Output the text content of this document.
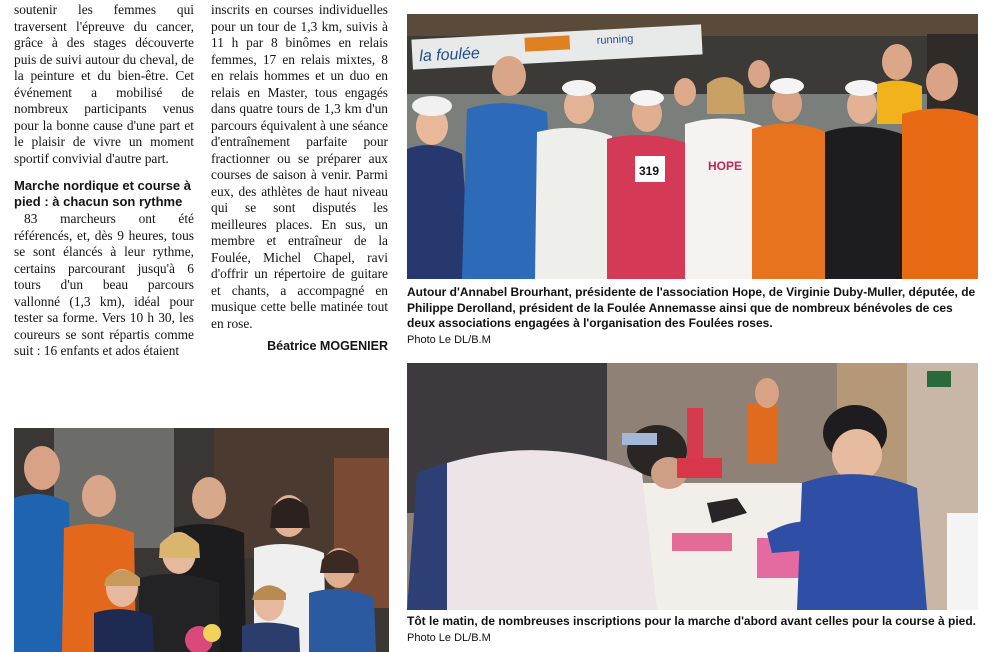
soutenir les femmes qui traversent l'épreuve du cancer, grâce à des stages découverte puis de suivi autour du cheval, de la peinture et du bien-être. Cet événement a mobilisé de nombreux participants venus pour la bonne cause d'une part et le plaisir de vivre un moment sportif convivial d'autre part.

Marche nordique et course à pied : à chacun son rythme

83 marcheurs ont été référencés, et, dès 9 heures, tous se sont élancés à leur rythme, certains parcourant jusqu'à 6 tours d'un beau parcours vallonné (1,3 km), idéal pour tester sa forme. Vers 10 h 30, les coureurs se sont répartis comme suit : 16 enfants et ados étaient

inscrits en courses individuelles pour un tour de 1,3 km, suivis à 11 h par 8 binômes en relais femmes, 17 en relais mixtes, 8 en relais hommes et un duo en relais en Master, tous engagés dans quatre tours de 1,3 km d'un parcours équivalent à une séance d'entraînement parfaite pour fractionner ou se préparer aux courses de saison à venir. Parmi eux, des athlètes de haut niveau qui se sont disputés les meilleures places. En sus, un membre et entraîneur de la Foulée, Michel Chapel, ravi d'offrir un répertoire de guitare et chants, a accompagné en musique cette belle matinée tout en rose.

Béatrice MOGENIER

la foulée
running
319	HOPE
Autour d'Annabel Brourhant, présidente de l'association Hope, de Virginie Duby-Muller, députée, de Philippe Derolland, président de la Foulée Annemasse ainsi que de nombreux bénévoles de ces deux associations engagées à l'organisation des Foulées roses.
Photo Le DL/B.M
Tôt le matin, de nombreuses inscriptions pour la marche d'abord avant celles pour la course à pied. Photo Le DL/B.M
